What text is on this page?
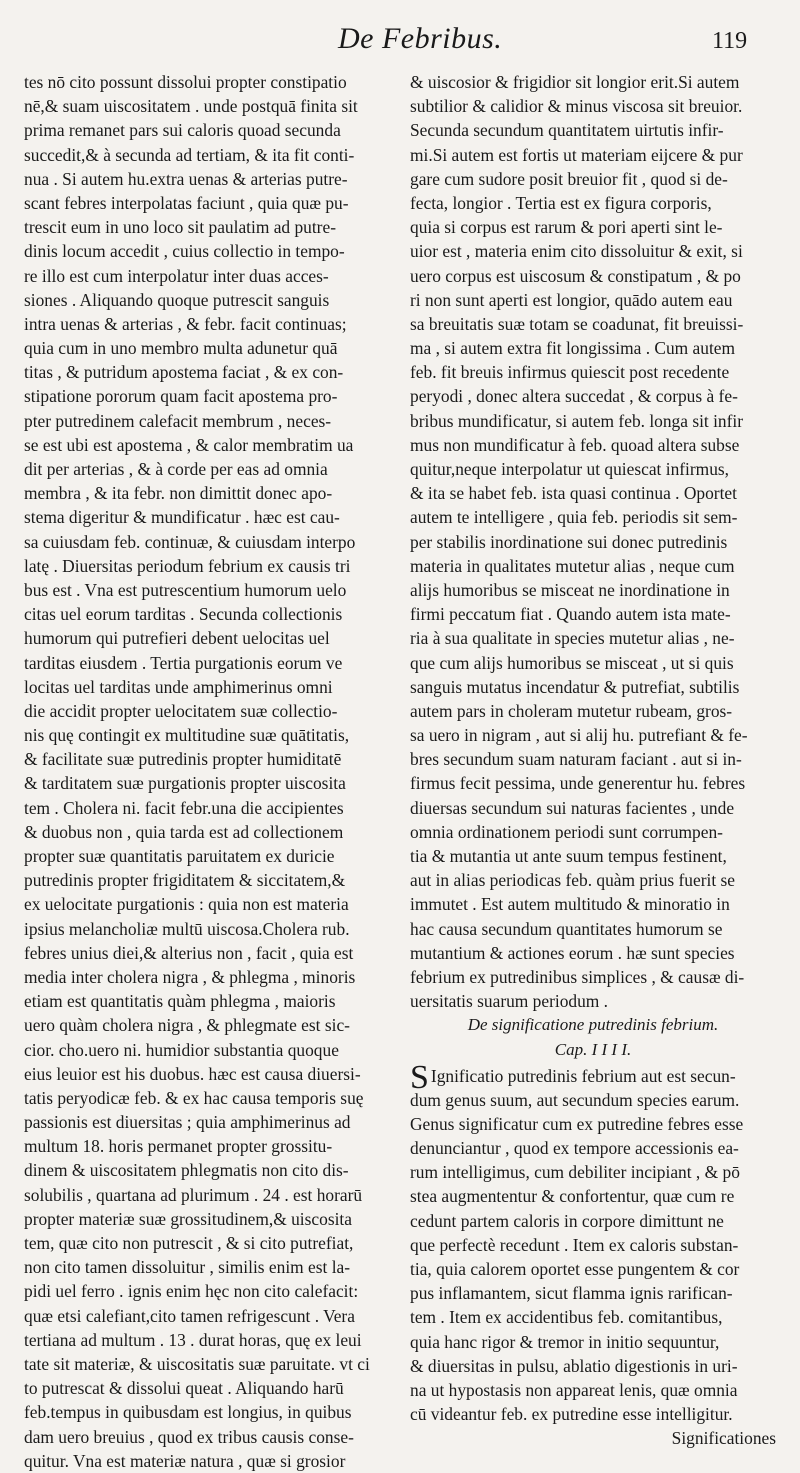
De Febribus.	119
tes nō cito possunt dissolui propter constipatio
nē,& suam uiscositatem . unde postquā finita sit
prima remanet pars sui caloris quoad secunda
succedit,& à secunda ad tertiam, & ita fit conti-
nua . Si autem hu.extra uenas & arterias putre-
scant febres interpolatas faciunt , quia quæ pu-
trescit eum in uno loco sit paulatim ad putre-
dinis locum accedit , cuius collectio in tempo-
re illo est cum interpolatur inter duas acces-
siones . Aliquando quoque putrescit sanguis
intra uenas & arterias , & febr. facit continuas;
quia cum in uno membro multa adunetur quā
titas , & putridum apostema faciat , & ex con-
stipatione pororum quam facit apostema pro-
pter putredinem calefacit membrum , neces-
se est ubi est apostema , & calor membratim ua
dit per arterias , & à corde per eas ad omnia
membra , & ita febr. non dimittit donec apo-
stema digeritur & mundificatur . hæc est cau-
sa cuiusdam feb. continuæ, & cuiusdam interpo
latę . Diuersitas periodum febrium ex causis tri
bus est . Vna est putrescentium humorum uelo
citas uel eorum tarditas . Secunda collectionis
humorum qui putrefieri debent uelocitas uel
tarditas eiusdem . Tertia purgationis eorum ve
locitas uel tarditas unde amphimerinus omni
die accidit propter uelocitatem suæ collectio-
nis quę contingit ex multitudine suæ quātitatis,
& facilitate suæ putredinis propter humiditatē
& tarditatem suæ purgationis propter uiscosita
tem . Cholera ni. facit febr.una die accipientes
& duobus non , quia tarda est ad collectionem
propter suæ quantitatis paruitatem ex duricie
putredinis propter frigiditatem & siccitatem,&
ex uelocitate purgationis : quia non est materia
ipsius melancholiæ multū uiscosa.Cholera rub.
febres unius diei,& alterius non , facit , quia est
media inter cholera nigra , & phlegma , minoris
etiam est quantitatis quàm phlegma , maioris
uero quàm cholera nigra , & phlegmate est sic-
cior. cho.uero ni. humidior substantia quoque
eius leuior est his duobus. hæc est causa diuersi-
tatis peryodicæ feb. & ex hac causa temporis suę
passionis est diuersitas ; quia amphimerinus ad
multum 18. horis permanet propter grossitu-
dinem & uiscositatem phlegmatis non cito dis-
solubilis , quartana ad plurimum . 24 . est horarū
propter materiæ suæ grossitudinem,& uiscosita
tem, quæ cito non putrescit , & si cito putrefiat,
non cito tamen dissoluitur , similis enim est la-
pidi uel ferro . ignis enim hęc non cito calefacit:
quæ etsi calefiant,cito tamen refrigescunt . Vera
tertiana ad multum . 13 . durat horas, quę ex leui
tate sit materiæ, & uiscositatis suæ paruitate. vt ci
to putrescat & dissolui queat . Aliquando harū
feb.tempus in quibusdam est longius, in quibus
dam uero breuius , quod ex tribus causis conse-
quitur. Vna est materiæ natura , quæ si grosior
& uiscosior & frigidior sit longior erit.Si autem
subtilior & calidior & minus viscosa sit breuior.
Secunda secundum quantitatem uirtutis infir-
mi.Si autem est fortis ut materiam eijcere & pur
gare cum sudore posit breuior fit , quod si de-
fecta, longior . Tertia est ex figura corporis,
quia si corpus est rarum & pori aperti sint le-
uior est , materia enim cito dissoluitur & exit, si
uero corpus est uiscosum & constipatum , & po
ri non sunt aperti est longior, quādo autem eau
sa breuitatis suæ totam se coadunat, fit breuissi-
ma , si autem extra fit longissima . Cum autem
feb. fit breuis infirmus quiescit post recedente
peryodi , donec altera succedat , & corpus à fe-
bribus mundificatur, si autem feb. longa sit infir
mus non mundificatur à feb. quoad altera subse
quitur,neque interpolatur ut quiescat infirmus,
& ita se habet feb. ista quasi continua . Oportet
autem te intelligere , quia feb. periodis sit sem-
per stabilis inordinatione sui donec putredinis
materia in qualitates mutetur alias , neque cum
alijs humoribus se misceat ne inordinatione in
firmi peccatum fiat . Quando autem ista mate-
ria à sua qualitate in species mutetur alias , ne-
que cum alijs humoribus se misceat , ut si quis
sanguis mutatus incendatur & putrefiat, subtilis
autem pars in choleram mutetur rubeam, gros-
sa uero in nigram , aut si alij hu. putrefiant & fe-
bres secundum suam naturam faciant . aut si in-
firmus fecit pessima, unde generentur hu. febres
diuersas secundum sui naturas facientes , unde
omnia ordinationem periodi sunt corrumpen-
tia & mutantia ut ante suum tempus festinent,
aut in alias periodicas feb. quàm prius fuerit se
immutet . Est autem multitudo & minoratio in
hac causa secundum quantitates humorum se
mutantium & actiones eorum . hæ sunt species
febrium ex putredinibus simplices , & causæ di-
uersitatis suarum periodum .
De significatione putredinis febrium.
Cap. I I I I.
S Ignificatio putredinis febrium aut est secun-
dum genus suum, aut secundum species earum.
Genus significatur cum ex putredine febres esse
denunciantur , quod ex tempore accessionis ea-
rum intelligimus, cum debiliter incipiant , & pō
stea augmententur & confortentur, quæ cum re
cedunt partem caloris in corpore dimittunt ne
que perfectè recedunt . Item ex caloris substan-
tia, quia calorem oportet esse pungentem & cor
pus inflamantem, sicut flamma ignis rarifican-
tem . Item ex accidentibus feb. comitantibus,
quia hanc rigor & tremor in initio sequuntur,
& diuersitas in pulsu, ablatio digestionis in uri-
na ut hypostasis non appareat lenis, quæ omnia
cū videantur feb. ex putredine esse intelligitur.
Significationes
